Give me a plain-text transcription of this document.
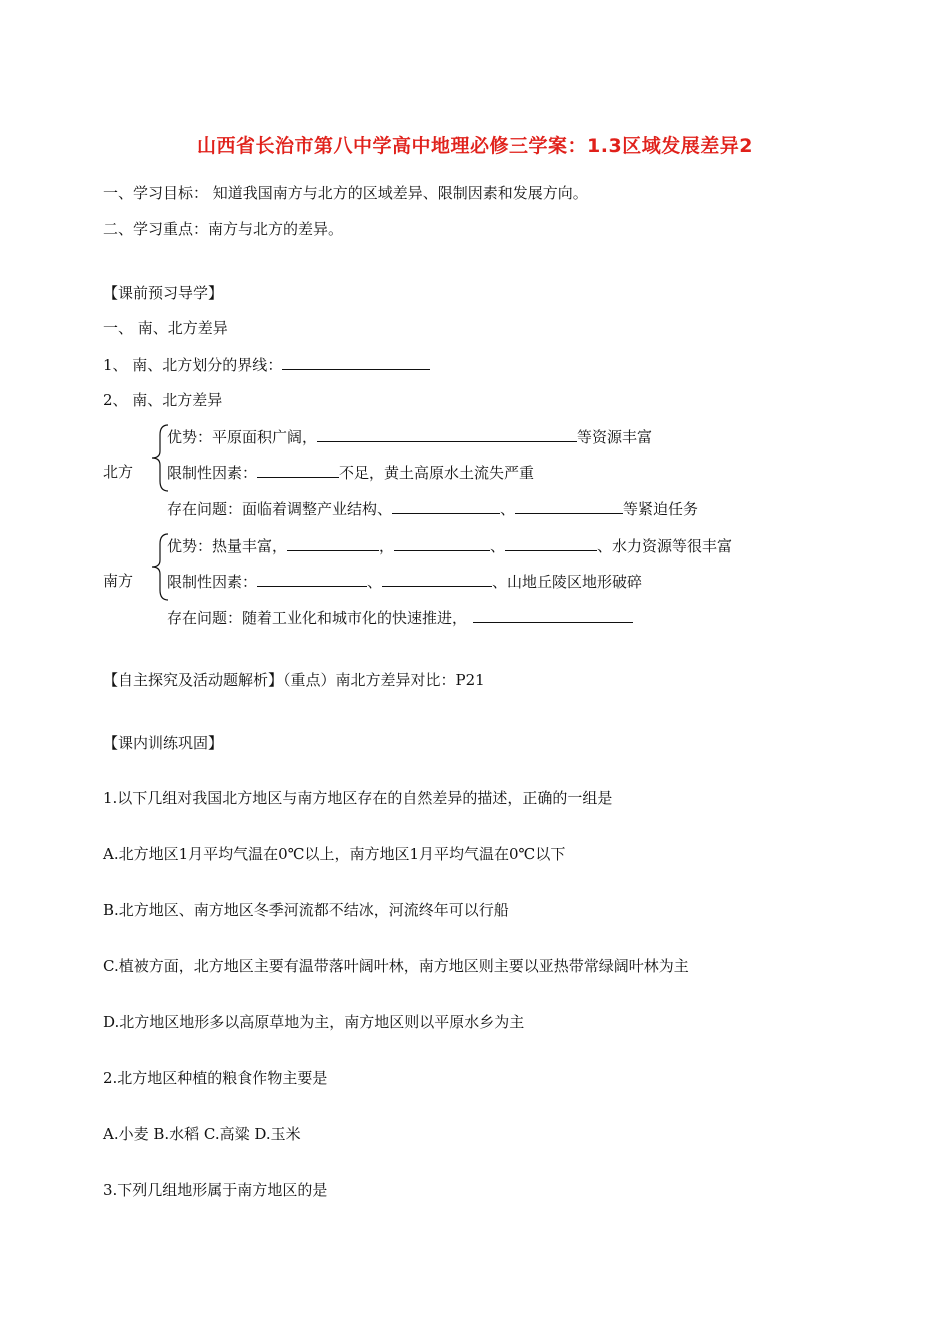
山西省长治市第八中学高中地理必修三学案：1.3区域发展差异2
一、学习目标： 知道我国南方与北方的区域差异、限制因素和发展方向。
二、学习重点：南方与北方的差异。
【课前预习导学】
一、 南、北方差异
1、 南、北方划分的界线：
2、 南、北方差异
北方
优势：平原面积广阔，	等资源丰富
限制性因素：	不足，黄土高原水土流失严重
存在问题：面临着调整产业结构、	、	等紧迫任务
南方
优势：热量丰富，	，	、	、水力资源等很丰富
限制性因素：	、	、山地丘陵区地形破碎
存在问题：随着工业化和城市化的快速推进，
【自主探究及活动题解析】（重点）南北方差异对比：P21
【课内训练巩固】
1.以下几组对我国北方地区与南方地区存在的自然差异的描述，正确的一组是
A.北方地区1月平均气温在0℃以上，南方地区1月平均气温在0℃以下
B.北方地区、南方地区冬季河流都不结冰，河流终年可以行船
C.植被方面，北方地区主要有温带落叶阔叶林，南方地区则主要以亚热带常绿阔叶林为主
D.北方地区地形多以高原草地为主，南方地区则以平原水乡为主
2.北方地区种植的粮食作物主要是
A.小麦 B.水稻 C.高粱 D.玉米
3.下列几组地形属于南方地区的是
